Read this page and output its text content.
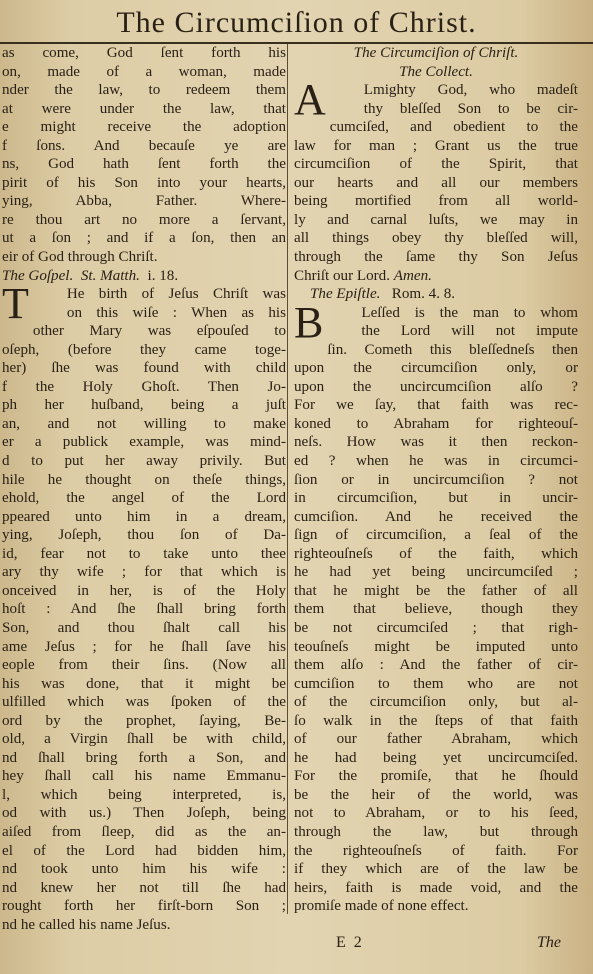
The Circumciſion of Christ.
as come, God ſent forth his
on, made of a woman, made
nder the law, to redeem them
at were under the law, that
e might receive the adoption
f ſons. And becauſe ye are
ns, God hath ſent forth the
pirit of his Son into your hearts,
ying, Abba, Father. Where-
re thou art no more a ſervant,
ut a ſon ; and if a ſon, then an
eir of God through Chriſt.
The Goſpel. St. Matth. i. 18.
T	He birth of Jeſus Chriſt was
on this wiſe : When as his
other Mary was eſpouſed to
oſeph, (before they came toge-
her) ſhe was found with child
f the Holy Ghoſt. Then Jo-
ph her huſband, being a juſt
an, and not willing to make
er a publick example, was mind-
d to put her away privily. But
hile he thought on theſe things,
ehold, the angel of the Lord
ppeared unto him in a dream,
ying, Joſeph, thou ſon of Da-
id, fear not to take unto thee
ary thy wife ; for that which is
onceived in her, is of the Holy
hoſt : And ſhe ſhall bring forth
Son, and thou ſhalt call his
ame Jeſus ; for he ſhall ſave his
eople from their ſins. (Now all
his was done, that it might be
ulfilled which was ſpoken of the
ord by the prophet, ſaying, Be-
old, a Virgin ſhall be with child,
nd ſhall bring forth a Son, and
hey ſhall call his name Emmanu-
l, which being interpreted, is,
od with us.) Then Joſeph, being
aiſed from ſleep, did as the an-
el of the Lord had bidden him,
nd took unto him his wife :
nd knew her not till ſhe had
rought forth her firſt-born Son ;
nd he called his name Jeſus.
The Circumciſion of Chriſt.
The Collect.
A	Lmighty God, who madeſt
thy bleſſed Son to be cir-
cumciſed, and obedient to the
law for man ; Grant us the true
circumciſion of the Spirit, that
our hearts and all our members
being mortified from all world-
ly and carnal luſts, we may in
all things obey thy bleſſed will,
through the ſame thy Son Jeſus
Chriſt our Lord. Amen.
The Epiſtle. Rom. 4. 8.
B	Leſſed is the man to whom
the Lord will not impute
ſin. Cometh this bleſſedneſs then
upon the circumciſion only, or
upon the uncircumciſion alſo ?
For we ſay, that faith was rec-
koned to Abraham for righteouſ-
neſs. How was it then reckon-
ed ? when he was in circumci-
ſion or in uncircumciſion ? not
in circumciſion, but in uncir-
cumciſion. And he received the
ſign of circumciſion, a ſeal of the
righteouſneſs of the faith, which
he had yet being uncircumciſed ;
that he might be the father of all
them that believe, though they
be not circumciſed ; that righ-
teouſneſs might be imputed unto
them alſo : And the father of cir-
cumciſion to them who are not
of the circumciſion only, but al-
ſo walk in the ſteps of that faith
of our father Abraham, which
he had being yet uncircumciſed.
For the promiſe, that he ſhould
be the heir of the world, was
not to Abraham, or to his ſeed,
through the law, but through
the righteouſneſs of faith. For
if they which are of the law be
heirs, faith is made void, and the
promiſe made of none effect.
E 2	The
